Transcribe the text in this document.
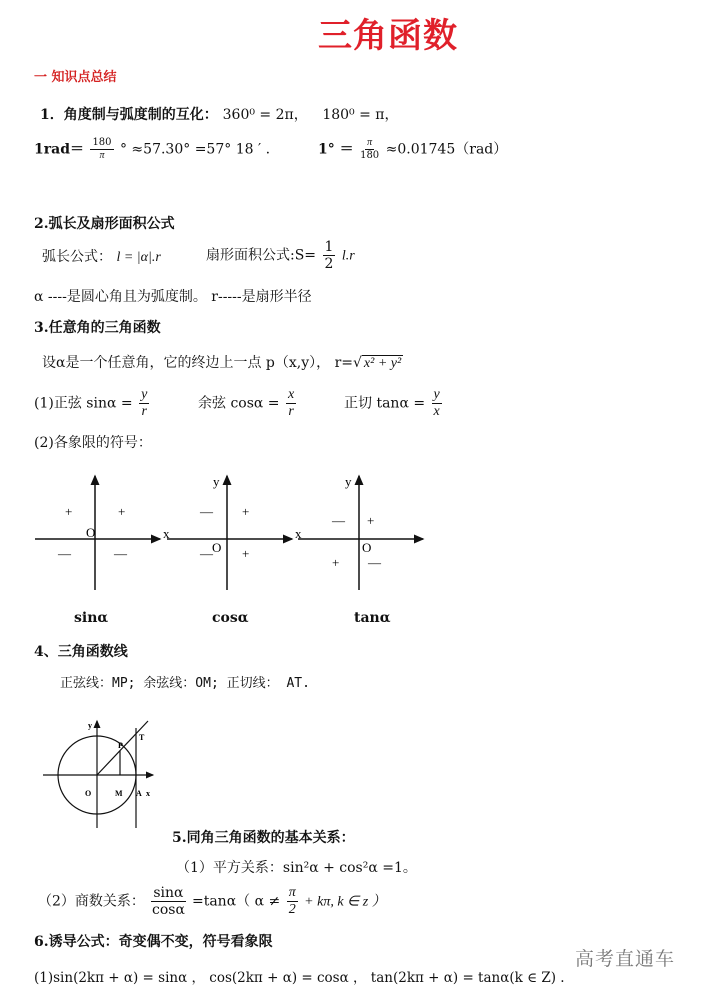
三角函数
一 知识点总结
1．角度制与弧度制的互化： 360⁰ = 2π， 180⁰ = π，
$1rad= \frac{180}{\pi}$ ° ≈57.30° =57° 18 ′ .	$1^\circ = \frac{\pi}{180} \approx 0.01745(rad)$
2.弧长及扇形面积公式
弧长公式： l = |α|.r	扇形面积公式:S= $\frac{1}{2} l.r$
α ----是圆心角且为弧度制。 r-----是扇形半径
3.任意角的三角函数
设α是一个任意角，它的终边上一点 p（x,y）， r=√ x² + y²
(1)正弦 $\sin\alpha = \frac{y}{r}$	余弦 $\cos\alpha = \frac{x}{r}$	正切 $\tan\alpha = \frac{y}{x}$
(2)各象限的符号：
+	+
—	—
O	x
y
— +
— +
O
x
y
— +
+ —
O
sinα	cosα	tanα
4、三角函数线
正弦线：MP; 余弦线：OM; 正切线： AT.
y
P
T
O	M A x
5.同角三角函数的基本关系：
（1）平方关系：sin²α + cos²α =1。
（2）商数关系： $\frac{\sin\alpha}{\cos\alpha} =\tan\alpha$（ $\alpha \ne \frac{\pi}{2} + k\pi$, k ∈ z ）
6.诱导公式：奇变偶不变，符号看象限
(1)sin(2kπ + α) = sinα ， cos(2kπ + α) = cosα ， tan(2kπ + α) = tanα(k ∈ Z) .
高考直通车
